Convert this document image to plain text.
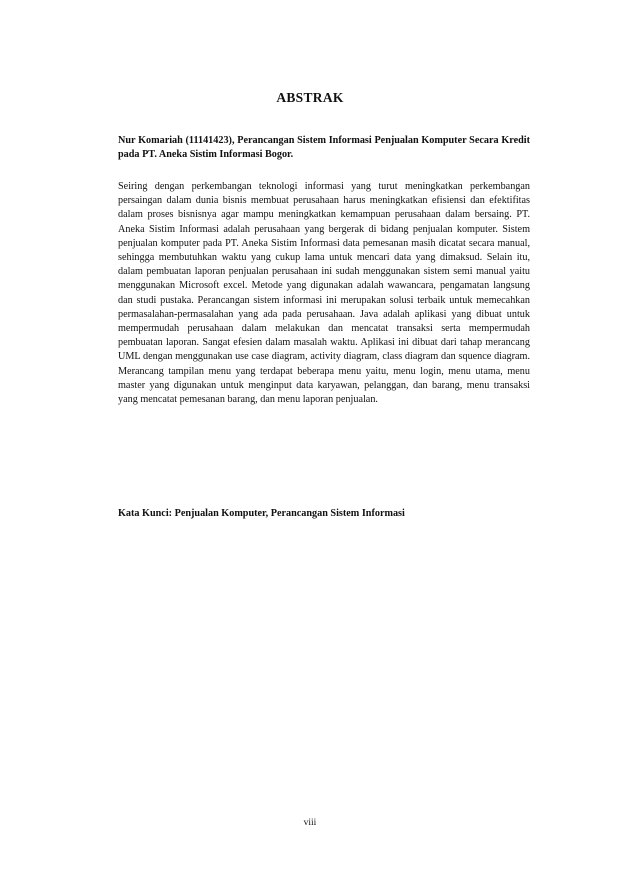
ABSTRAK
Nur Komariah (11141423), Perancangan Sistem Informasi Penjualan Komputer Secara Kredit pada PT. Aneka Sistim Informasi Bogor.

Seiring dengan perkembangan teknologi informasi yang turut meningkatkan perkembangan persaingan dalam dunia bisnis membuat perusahaan harus meningkatkan efisiensi dan efektifitas dalam proses bisnisnya agar mampu meningkatkan kemampuan perusahaan dalam bersaing. PT. Aneka Sistim Informasi adalah perusahaan yang bergerak di bidang penjualan komputer. Sistem penjualan komputer pada PT. Aneka Sistim Informasi data pemesanan masih dicatat secara manual, sehingga membutuhkan waktu yang cukup lama untuk mencari data yang dimaksud. Selain itu, dalam pembuatan laporan penjualan perusahaan ini sudah menggunakan sistem semi manual yaitu menggunakan Microsoft excel. Metode yang digunakan adalah wawancara, pengamatan langsung dan studi pustaka. Perancangan sistem informasi ini merupakan solusi terbaik untuk memecahkan permasalahan-permasalahan yang ada pada perusahaan. Java adalah aplikasi yang dibuat untuk mempermudah perusahaan dalam melakukan dan mencatat transaksi serta mempermudah pembuatan laporan. Sangat efesien dalam masalah waktu. Aplikasi ini dibuat dari tahap merancang UML dengan menggunakan use case diagram, activity diagram, class diagram dan squence diagram. Merancang tampilan menu yang terdapat beberapa menu yaitu, menu login, menu utama, menu master yang digunakan untuk menginput data karyawan, pelanggan, dan barang, menu transaksi yang mencatat pemesanan barang, dan menu laporan penjualan.

Kata Kunci: Penjualan Komputer, Perancangan Sistem Informasi
viii
